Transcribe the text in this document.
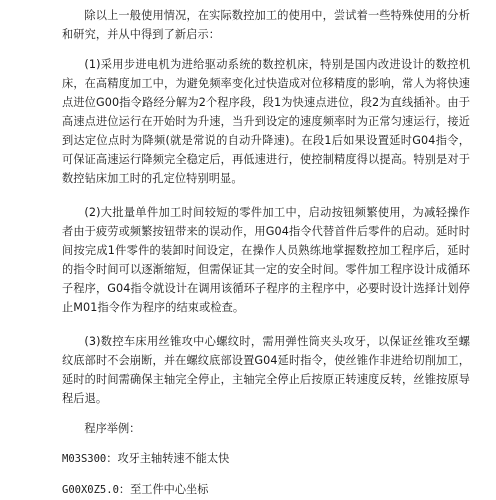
除以上一般使用情况，在实际数控加工的使用中，尝试着一些特殊使用的分析和研究，并从中得到了新启示：

(1)采用步进电机为进给驱动系统的数控机床，特别是国内改进设计的数控机床，在高精度加工中，为避免频率变化过快造成对位移精度的影响，常人为将快速点进位G00指令路经分解为2个程序段，段1为快速点进位，段2为直线插补。由于高速点进位运行在开始时为升速，当升到设定的速度频率时为正常匀速运行，接近到达定位点时为降频(就是常说的自动升降速)。在段1后如果设置延时G04指令，可保证高速运行降频完全稳定后，再低速进行，使控制精度得以提高。特别是对于数控钻床加工时的孔定位特别明显。

(2)大批量单件加工时间较短的零件加工中，启动按钮频繁使用，为减轻操作者由于疲劳或频繁按钮带来的误动作，用G04指令代替首件后零件的启动。延时时间按完成1件零件的装卸时间设定，在操作人员熟练地掌握数控加工程序后，延时的指令时间可以逐渐缩短，但需保证其一定的安全时间。零件加工程序设计成循环子程序，G04指令就设计在调用该循环子程序的主程序中，必要时设计选择计划停止M01指令作为程序的结束或检查。

(3)数控车床用丝锥攻中心螺纹时，需用弹性筒夹头攻牙，以保证丝锥攻至螺纹底部时不会崩断，并在螺纹底部设置G04延时指令，使丝锥作非进给切削加工，延时的时间需确保主轴完全停止，主轴完全停止后按原正转速度反转，丝锥按原导程后退。

程序举例：

M03S300：攻牙主轴转速不能太快

G00X0Z5.0：至工件中心坐标
